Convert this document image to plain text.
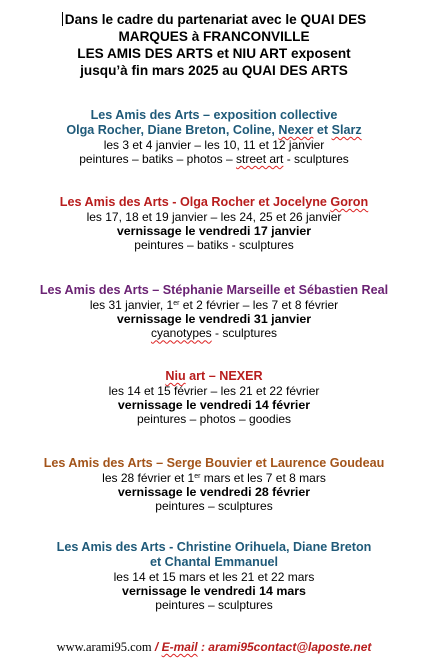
Dans le cadre du partenariat avec le QUAI DES
MARQUES à FRANCONVILLE
LES AMIS DES ARTS et NIU ART exposent
jusqu’à fin mars 2025 au QUAI DES ARTS
Les Amis des Arts – exposition collective
Olga Rocher, Diane Breton, Coline, Nexer et Slarz
les 3 et 4 janvier – les 10, 11 et 12 janvier
peintures – batiks – photos – street art - sculptures
Les Amis des Arts - Olga Rocher et Jocelyne Goron
les 17, 18 et 19 janvier – les 24, 25 et 26 janvier
vernissage le vendredi 17 janvier
peintures – batiks - sculptures
Les Amis des Arts – Stéphanie Marseille et Sébastien Real
les 31 janvier, 1er et 2 février – les 7 et 8 février
vernissage le vendredi 31 janvier
cyanotypes - sculptures
Niu art – NEXER
les 14 et 15 février – les 21 et 22 février
vernissage le vendredi 14 février
peintures – photos – goodies
Les Amis des Arts – Serge Bouvier et Laurence Goudeau
les 28 février et 1er mars et les 7 et 8 mars
vernissage le vendredi 28 février
peintures – sculptures
Les Amis des Arts - Christine Orihuela, Diane Breton
et Chantal Emmanuel
les 14 et 15 mars et les 21 et 22 mars
vernissage le vendredi 14 mars
peintures – sculptures
www.arami95.com / E-mail : arami95contact@laposte.net
